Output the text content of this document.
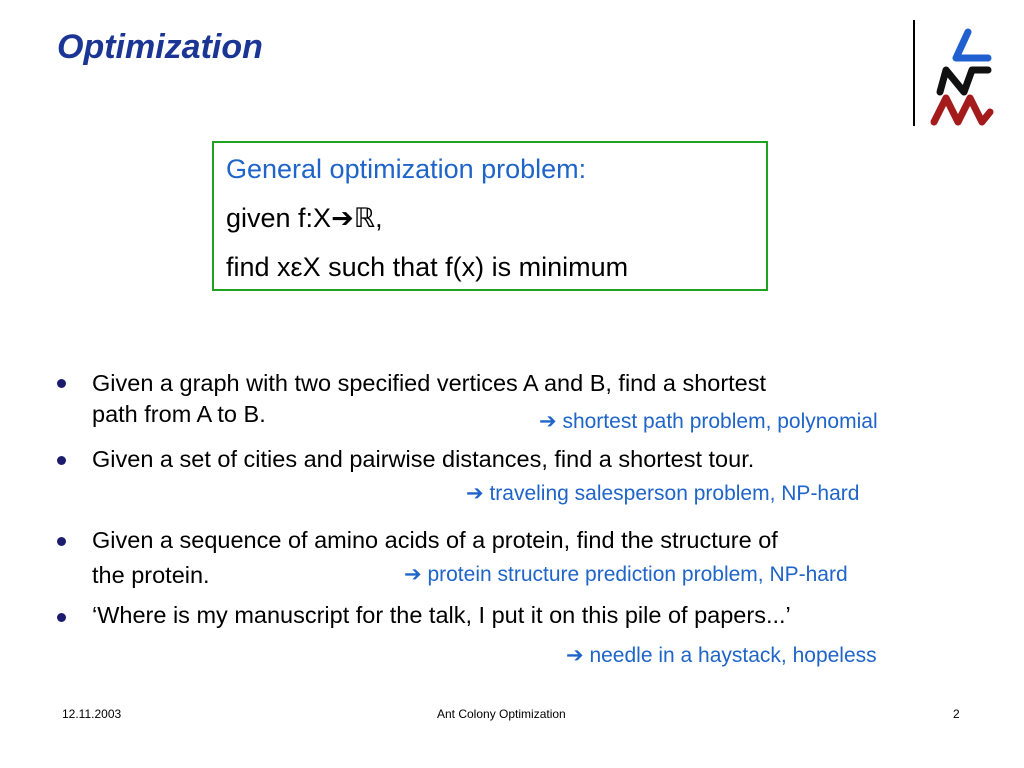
Optimization
General optimization problem:
given f:X➔ℝ,
find xεX such that f(x) is minimum
Given a graph with two specified vertices A and B, find a shortest
path from A to B.	➔ shortest path problem, polynomial
Given a set of cities and pairwise distances, find a shortest tour.
➔ traveling salesperson problem, NP-hard
Given a sequence of amino acids of a protein, find the structure of
the protein.	➔ protein structure prediction problem, NP-hard
‘Where is my manuscript for the talk, I put it on this pile of papers...’
➔ needle in a haystack, hopeless
12.11.2003	Ant Colony Optimization	2
